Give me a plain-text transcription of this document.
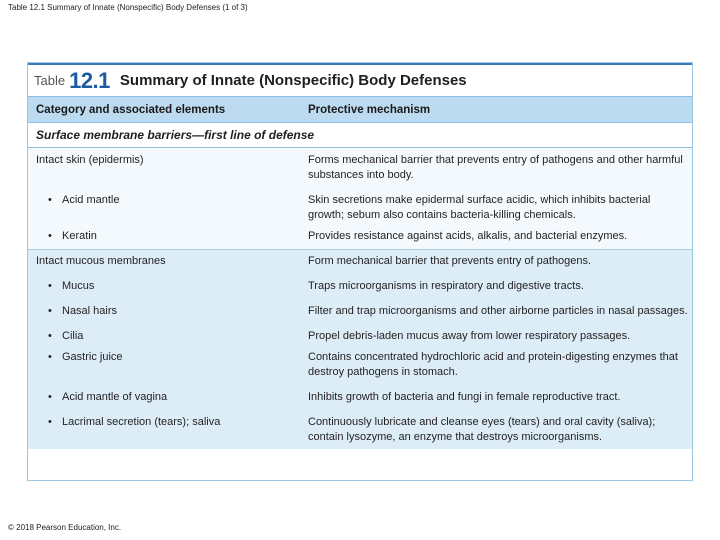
Table 12.1 Summary of Innate (Nonspecific) Body Defenses (1 of 3)
Table 12.1 Summary of Innate (Nonspecific) Body Defenses
Category and associated elements	Protective mechanism
Surface membrane barriers—first line of defense
Intact skin (epidermis)	Forms mechanical barrier that prevents entry of pathogens and other harmful substances into body.
• Acid mantle	Skin secretions make epidermal surface acidic, which inhibits bacterial growth; sebum also contains bacteria-killing chemicals.
• Keratin	Provides resistance against acids, alkalis, and bacterial enzymes.
Intact mucous membranes	Form mechanical barrier that prevents entry of pathogens.
• Mucus	Traps microorganisms in respiratory and digestive tracts.
• Nasal hairs	Filter and trap microorganisms and other airborne particles in nasal passages.
• Cilia	Propel debris-laden mucus away from lower respiratory passages.
• Gastric juice	Contains concentrated hydrochloric acid and protein-digesting enzymes that destroy pathogens in stomach.
• Acid mantle of vagina	Inhibits growth of bacteria and fungi in female reproductive tract.
• Lacrimal secretion (tears); saliva	Continuously lubricate and cleanse eyes (tears) and oral cavity (saliva); contain lysozyme, an enzyme that destroys microorganisms.
© 2018 Pearson Education, Inc.
